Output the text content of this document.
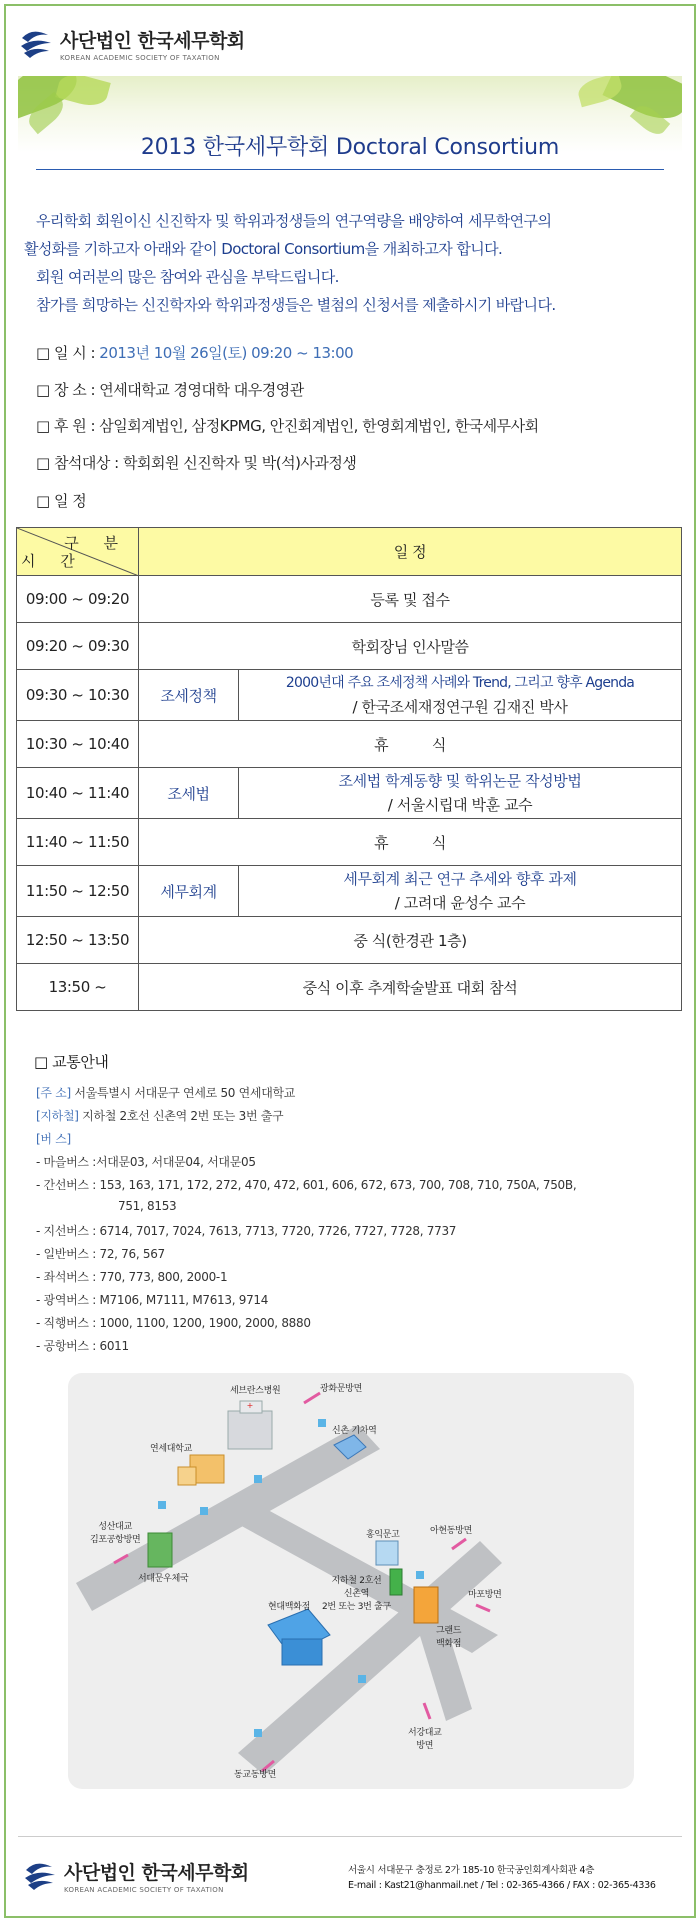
사단법인 한국세무학회
KOREAN ACADEMIC SOCIETY OF TAXATION
2013 한국세무학회 Doctoral Consortium

우리학회 회원이신 신진학자 및 학위과정생들의 연구역량을 배양하여 세무학연구의

활성화를 기하고자 아래와 같이 Doctoral Consortium을 개최하고자 합니다.

회원 여러분의 많은 참여와 관심을 부탁드립니다.

참가를 희망하는 신진학자와 학위과정생들은 별첨의 신청서를 제출하시기 바랍니다.

□ 일 시 : 2013년 10월 26일(토) 09:20 ~ 13:00
□ 장 소 : 연세대학교 경영대학 대우경영관
□ 후 원 : 삼일회계법인, 삼정KPMG, 안진회계법인, 한영회계법인, 한국세무사회
□ 참석대상 : 학회회원 신진학자 및 박(석)사과정생
□ 일 정
구 분
시 간	일 정	
09:00 ~ 09:20	등록 및 접수	
09:20 ~ 09:30	학회장님 인사말씀	
09:30 ~ 10:30	조세정책	2000년대 주요 조세정책 사례와 Trend, 그리고 향후 Agenda
/ 한국조세재정연구원 김재진 박사

10:30 ~ 10:40	휴          식	
10:40 ~ 11:40	조세법	조세법 학계동향 및 학위논문 작성방법
/ 서울시립대 박훈 교수

11:40 ~ 11:50	휴          식	
11:50 ~ 12:50	세무회계	세무회계 최근 연구 추세와 향후 과제
/ 고려대 윤성수 교수

12:50 ~ 13:50	중 식(한경관 1층)	
13:50 ~	중식 이후 추계학술발표 대회 참석	
□ 교통안내
[주 소] 서울특별시 서대문구 연세로 50 연세대학교
[지하철] 지하철 2호선 신촌역 2번 또는 3번 출구
[버 스]
- 마을버스 :서대문03, 서대문04, 서대문05
- 간선버스 : 153, 163, 171, 172, 272, 470, 472, 601, 606, 672, 673, 700, 708, 710, 750A, 750B,
751, 8153
- 지선버스 : 6714, 7017, 7024, 7613, 7713, 7720, 7726, 7727, 7728, 7737
- 일반버스 : 72, 76, 567
- 좌석버스 : 770, 773, 800, 2000-1
- 광역버스 : M7106, M7111, M7613, 9714
- 직행버스 : 1000, 1100, 1200, 1900, 2000, 8880
- 공항버스 : 6011
+
세브란스병원	광화문방면
신촌 기차역
연세대학교
성산대교
김포공항방면
서대문우체국
홍익문고	아현동방면
지하철 2호선
신촌역
2번 또는 3번 출구
마포방면
현대백화점
그랜드
백화점
서강대교
방면
동교동방면
사단법인 한국세무학회
KOREAN ACADEMIC SOCIETY OF TAXATION
서울시 서대문구 충정로 2가 185-10 한국공인회계사회관 4층
E-mail : Kast21@hanmail.net / Tel : 02-365-4366 / FAX : 02-365-4336
